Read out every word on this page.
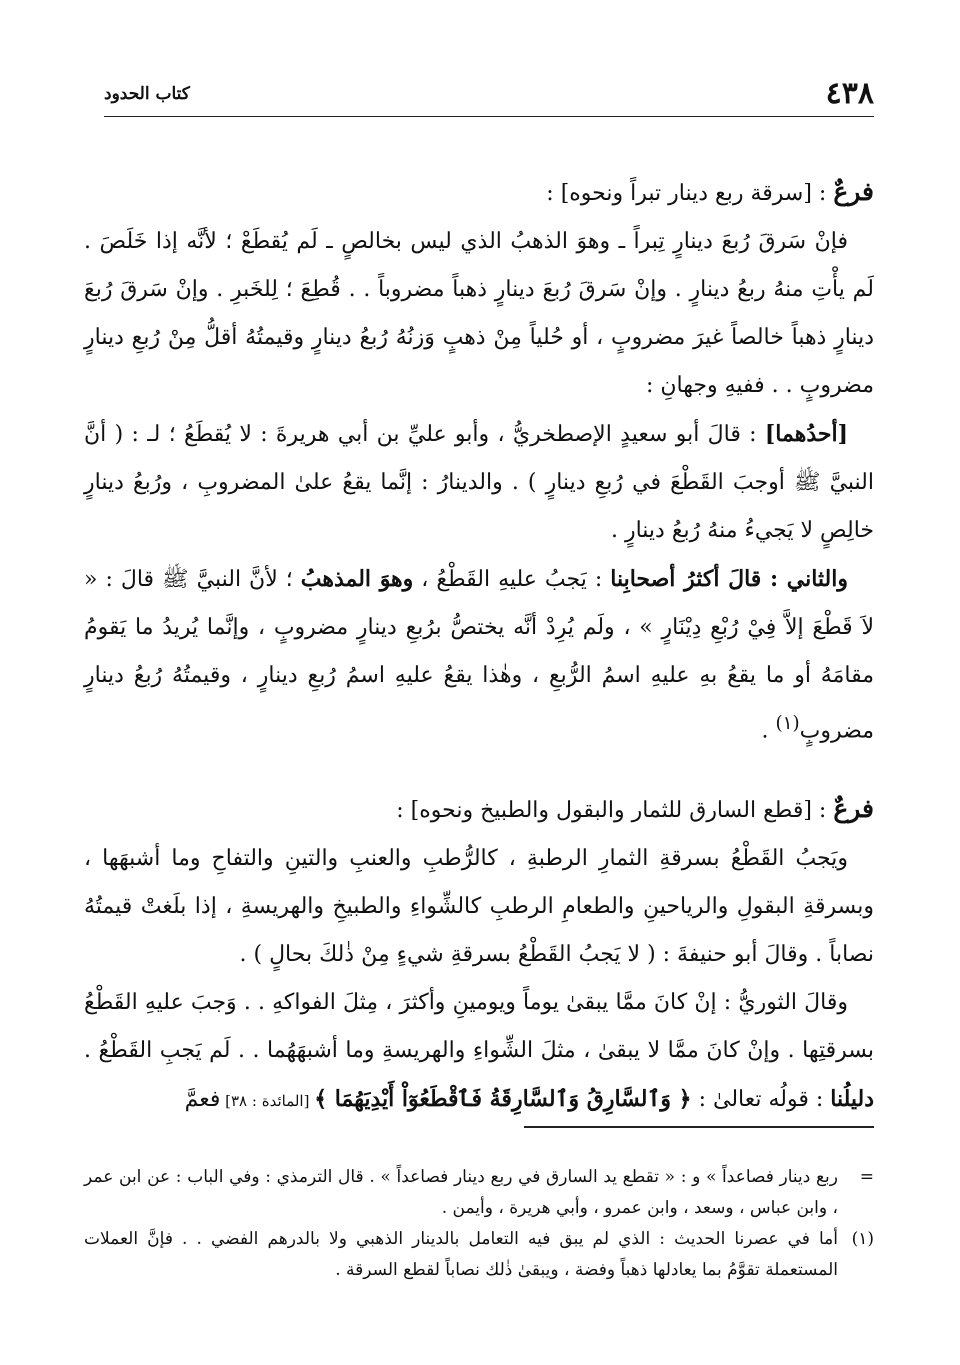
٤٣٨
كتاب الحدود

فرعٌ : [سرقة ربع دينار تبراً ونحوه] :

فإنْ سَرقَ رُبعَ دينارٍ تِبراً ـ وهوَ الذهبُ الذي ليس بخالصٍ ـ لَم يُقطَعْ ؛ لأنَّه إذا خَلَصَ . لَم يأْتِ منهُ ربعُ دينارٍ . وإنْ سَرقَ رُبعَ دينارٍ ذهباً مضروباً . . قُطِعَ ؛ لِلخَبرِ . وإنْ سَرقَ رُبعَ دينارٍ ذهباً خالصاً غيرَ مضروبٍ ، أو حُلياً مِنْ ذهبٍ وَزنُهُ رُبعُ دينارٍ وقيمتُهُ أقلُّ مِنْ رُبعِ دينارٍ مضروبٍ . . ففيهِ وجهانِ :

[أحدُهما] : قالَ أبو سعيدٍ الإصطخريُّ ، وأبو عليِّ بن أبي هريرةَ : لا يُقطَعُ ؛ لـ : ( أنَّ النبيَّ ﷺ أوجبَ القَطْعَ في رُبعِ دينارٍ ) . والدينارُ : إنَّما يقعُ علىٰ المضروبِ ، ورُبعُ دينارٍ خالِصٍ لا يَجيءُ منهُ رُبعُ دينارٍ .

والثاني : قالَ أكثرُ أصحابِنا : يَجبُ عليهِ القَطْعُ ، وهوَ المذهبُ ؛ لأنَّ النبيَّ ﷺ قالَ : « لاَ قَطْعَ إلاَّ فِيْ رُبْعِ دِيْنَارٍ » ، ولَم يُرِدْ أنَّه يختصُّ برُبعِ دينارٍ مضروبٍ ، وإنَّما يُريدُ ما يَقومُ مقامَهُ أو ما يقعُ بهِ عليهِ اسمُ الرُّبعِ ، وهٰذا يقعُ عليهِ اسمُ رُبعِ دينارٍ ، وقيمتُهُ رُبعُ دينارٍ مضروبٍ$^{(١)}$ .

فرعٌ : [قطع السارق للثمار والبقول والطبيخ ونحوه] :

ويَجبُ القَطْعُ بسرقةِ الثمارِ الرطبةِ ، كالرُّطبِ والعنبِ والتينِ والتفاحِ وما أشبهَها ، وبسرقةِ البقولِ والرياحينِ والطعامِ الرطبِ كالشِّواءِ والطبيخِ والهريسةِ ، إذا بلَغتْ قيمتُهُ نصاباً . وقالَ أبو حنيفةَ : ( لا يَجبُ القَطْعُ بسرقةِ شيءٍ مِنْ ذٰلكَ بحالٍ ) .

وقالَ الثوريُّ : إنْ كانَ ممَّا يبقىٰ يوماً ويومينِ وأكثرَ ، مِثلَ الفواكهِ . . وَجبَ عليهِ القَطْعُ بسرقتِها . وإنْ كانَ ممَّا لا يبقىٰ ، مثلَ الشِّواءِ والهريسةِ وما أشبهَهُما . . لَم يَجبِ القَطْعُ . دليلُنا : قولُه تعالىٰ : ﴿ وَٱلسَّارِقُ وَٱلسَّارِقَةُ فَٱقْطَعُوٓاْ أَيْدِيَهُمَا ﴾ [المائدة : ٣٨] فعمَّ

=
ربع دينار فصاعداً » و : « تقطع يد السارق في ربع دينار فصاعداً » . قال الترمذي : وفي الباب : عن ابن عمر ، وابن عباس ، وسعد ، وابن عمرو ، وأبي هريرة ، وأيمن .
(١)
أما في عصرنا الحديث : الذي لم يبق فيه التعامل بالدينار الذهبي ولا بالدرهم الفضي . . فإنَّ العملات المستعملة تقوَّمُ بما يعادلها ذهباً وفضة ، ويبقىٰ ذٰلك نصاباً لقطع السرقة .
